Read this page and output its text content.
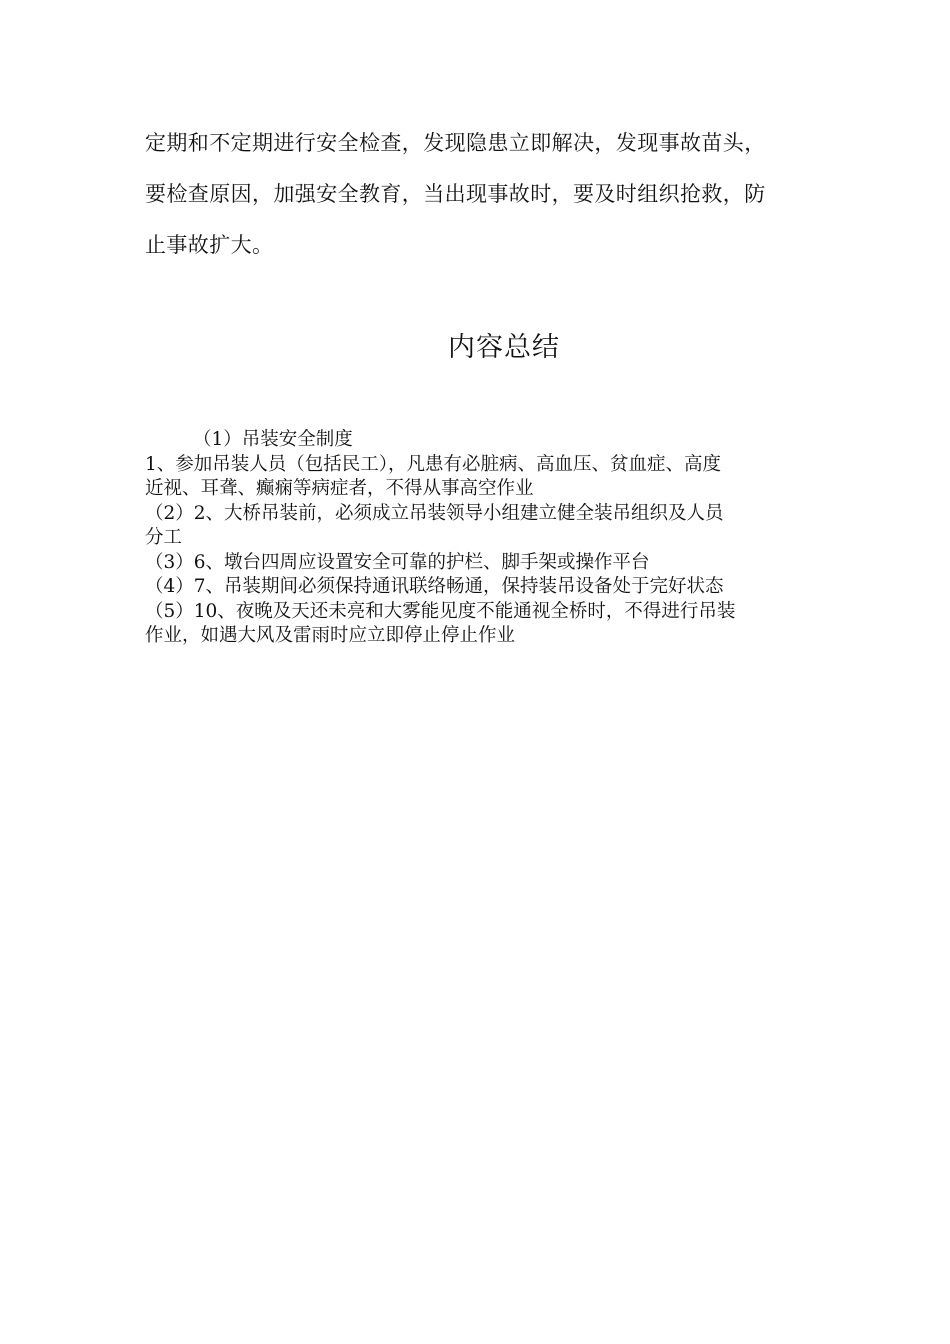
定期和不定期进行安全检查，发现隐患立即解决，发现事故苗头，

要检查原因，加强安全教育，当出现事故时，要及时组织抢救，防

止事故扩大。

内容总结

（1）吊装安全制度

1、参加吊装人员（包括民工），凡患有必脏病、高血压、贫血症、高度

近视、耳聋、癫痫等病症者，不得从事高空作业

（2）2、大桥吊装前，必须成立吊装领导小组建立健全装吊组织及人员

分工

（3）6、墩台四周应设置安全可靠的护栏、脚手架或操作平台

（4）7、吊装期间必须保持通讯联络畅通，保持装吊设备处于完好状态

（5）10、夜晚及天还未亮和大雾能见度不能通视全桥时，不得进行吊装

作业，如遇大风及雷雨时应立即停止停止作业
